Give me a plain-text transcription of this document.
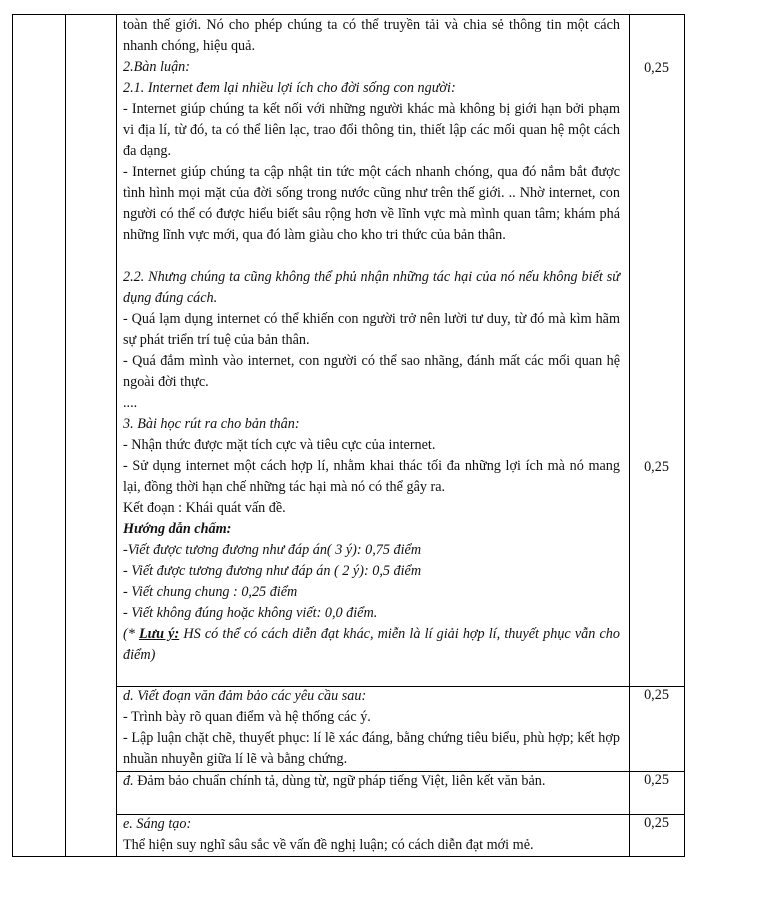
toàn thế giới. Nó cho phép chúng ta có thể truyền tải và chia sẻ thông tin một cách nhanh chóng, hiệu quả.

2.Bàn luận:

2.1. Internet đem lại nhiều lợi ích cho đời sống con người:

- Internet giúp chúng ta kết nối với những người khác mà không bị giới hạn bởi phạm vi địa lí, từ đó, ta có thể liên lạc, trao đổi thông tin, thiết lập các mối quan hệ một cách đa dạng.

- Internet giúp chúng ta cập nhật tin tức một cách nhanh chóng, qua đó nắm bắt được tình hình mọi mặt của đời sống trong nước cũng như trên thế giới. .. Nhờ internet, con người có thể có được hiểu biết sâu rộng hơn về lĩnh vực mà mình quan tâm; khám phá những lĩnh vực mới, qua đó làm giàu cho kho tri thức của bản thân.

2.2. Nhưng chúng ta cũng không thể phủ nhận những tác hại của nó nếu không biết sử dụng đúng cách.

- Quá lạm dụng internet có thể khiến con người trở nên lười tư duy, từ đó mà kìm hãm sự phát triển trí tuệ của bản thân.

- Quá đắm mình vào internet, con người có thể sao nhãng, đánh mất các mối quan hệ ngoài đời thực.

....

3. Bài học rút ra cho bản thân:

- Nhận thức được mặt tích cực và tiêu cực của internet.

- Sử dụng internet một cách hợp lí, nhằm khai thác tối đa những lợi ích mà nó mang lại, đồng thời hạn chế những tác hại mà nó có thể gây ra.

Kết đoạn : Khái quát vấn đề.

Hướng dẫn chấm:

-Viết được tương đương như đáp án( 3 ý): 0,75 điểm

- Viết được tương đương như đáp án ( 2 ý): 0,5 điểm

- Viết chung chung : 0,25 điểm

- Viết không đúng hoặc không viết: 0,0 điểm.

(* Lưu ý: HS có thể có cách diễn đạt khác, miễn là lí giải hợp lí, thuyết phục vẫn cho điểm)

0,25
0,25

d. Viết đoạn văn đảm bảo các yêu cầu sau:

- Trình bày rõ quan điểm và hệ thống các ý.

- Lập luận chặt chẽ, thuyết phục: lí lẽ xác đáng, bằng chứng tiêu biểu, phù hợp; kết hợp nhuần nhuyễn giữa lí lẽ và bằng chứng.

0,25

đ. Đảm bảo chuẩn chính tả, dùng từ, ngữ pháp tiếng Việt, liên kết văn bản.	0,25

e. Sáng tạo:

Thể hiện suy nghĩ sâu sắc về vấn đề nghị luận; có cách diễn đạt mới mẻ.

0,25
